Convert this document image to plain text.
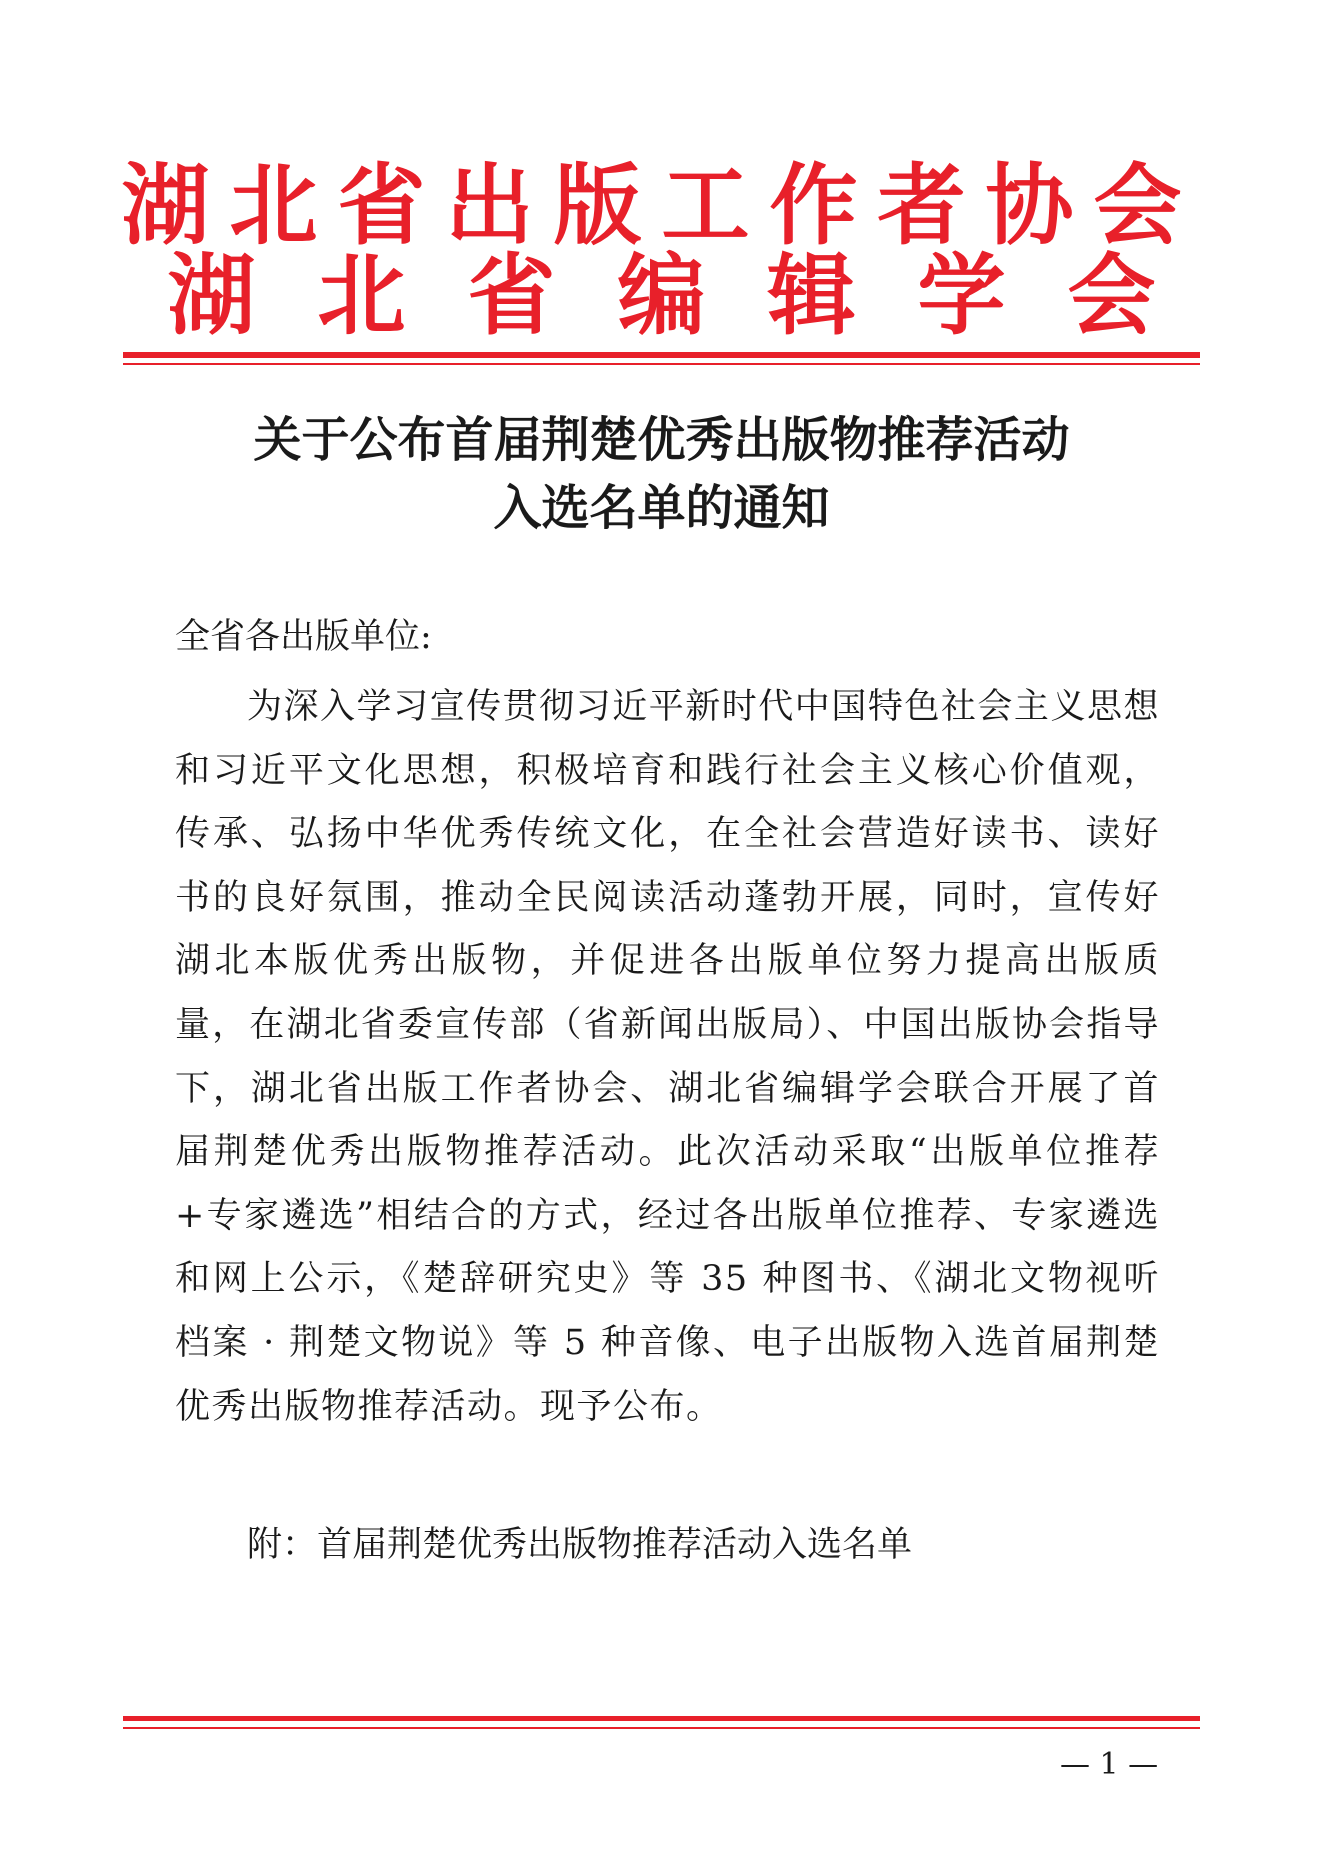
湖北省出版工作者协会
湖北省编辑学会
关于公布首届荆楚优秀出版物推荐活动
入选名单的通知
全省各出版单位:

为深入学习宣传贯彻习近平新时代中国特色社会主义思想和习近平文化思想，积极培育和践行社会主义核心价值观，传承、弘扬中华优秀传统文化，在全社会营造好读书、读好书的良好氛围，推动全民阅读活动蓬勃开展，同时，宣传好湖北本版优秀出版物，并促进各出版单位努力提高出版质量，在湖北省委宣传部（省新闻出版局）、中国出版协会指导下，湖北省出版工作者协会、湖北省编辑学会联合开展了首届荆楚优秀出版物推荐活动。此次活动采取“出版单位推荐+专家遴选”相结合的方式，经过各出版单位推荐、专家遴选和网上公示，《楚辞研究史》等 35 种图书、《湖北文物视听档案 · 荆楚文物说》等 5 种音像、电子出版物入选首届荆楚优秀出版物推荐活动。现予公布。

附：首届荆楚优秀出版物推荐活动入选名单
— 1 —
